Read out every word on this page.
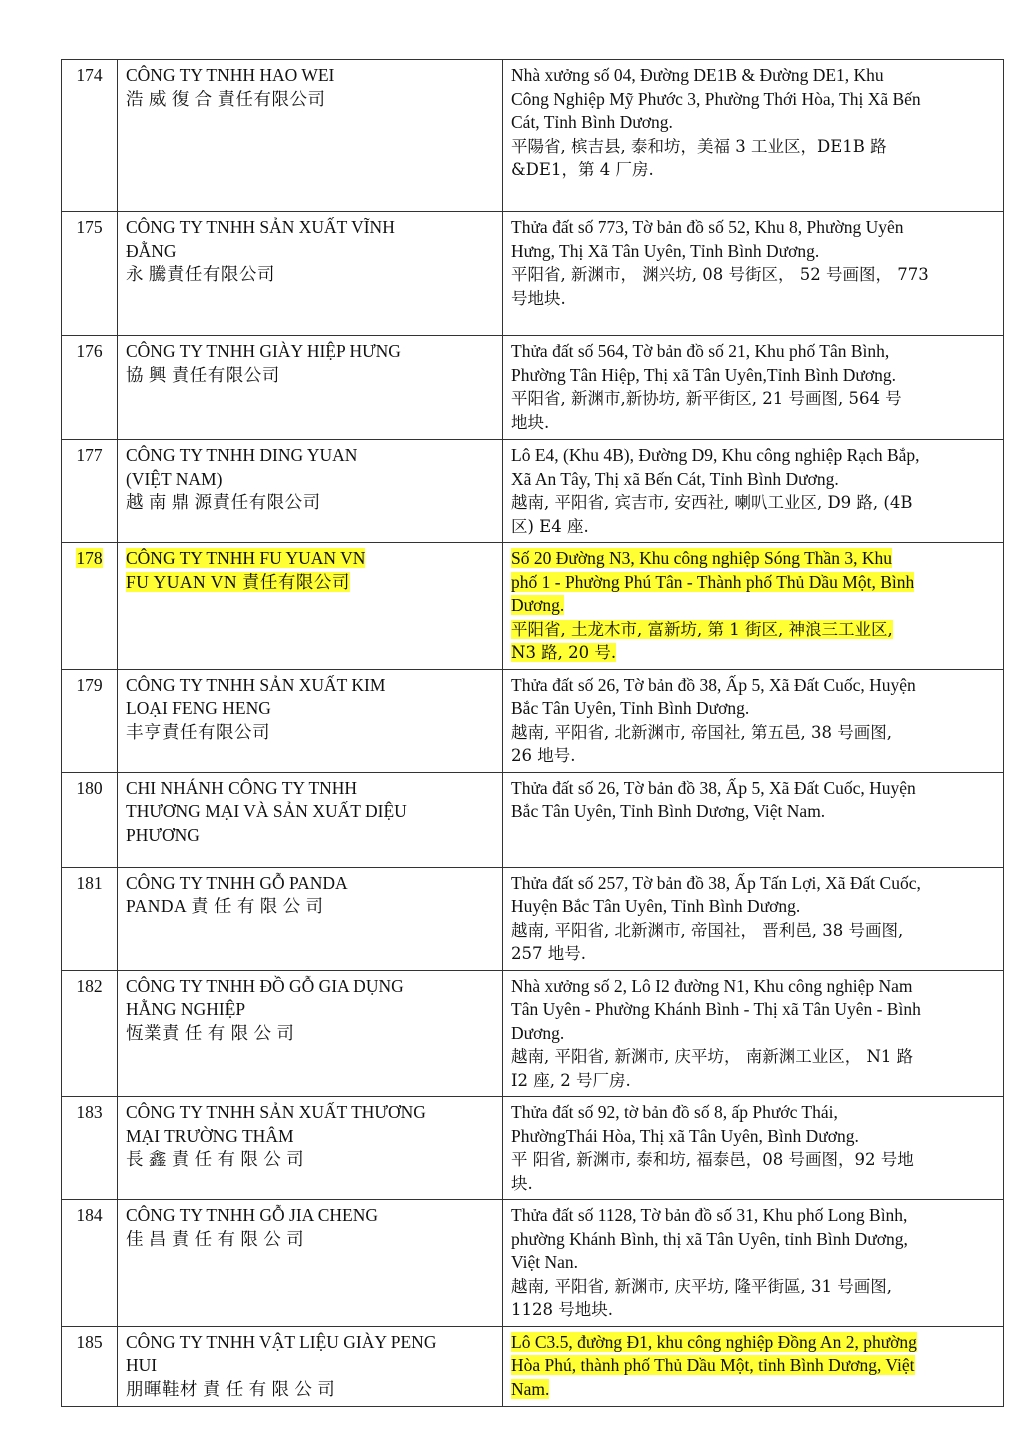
174	CÔNG TY TNHH HAO WEI
浩 威 復 合 責任有限公司	Nhà xưởng số 04, Đường DE1B & Đường DE1, Khu
Công Nghiệp Mỹ Phước 3, Phường Thới Hòa, Thị Xã Bến
Cát, Tỉnh Bình Dương.
平陽省, 槟吉县, 泰和坊，美福 3 工业区，DE1B 路
&DE1，第 4 厂房.

175	CÔNG TY TNHH SẢN XUẤT VĨNH
ĐẰNG
永 騰責任有限公司	Thửa đất số 773, Tờ bản đồ số 52, Khu 8, Phường Uyên
Hưng, Thị Xã Tân Uyên, Tỉnh Bình Dương.
平阳省, 新渊市， 渊兴坊, 08 号街区， 52 号画图， 773
号地块.

176	CÔNG TY TNHH GIÀY HIỆP HƯNG
協 興 責任有限公司	Thửa đất số 564, Tờ bản đồ số 21, Khu phố Tân Bình,
Phường Tân Hiệp, Thị xã Tân Uyên,Tỉnh Bình Dương.
平阳省, 新渊市,新协坊, 新平街区, 21 号画图, 564 号
地块.

177	CÔNG TY TNHH DING YUAN
(VIỆT NAM)
越 南 鼎 源責任有限公司	Lô E4, (Khu 4B), Đường D9, Khu công nghiệp Rạch Bắp,
Xã An Tây, Thị xã Bến Cát, Tỉnh Bình Dương.
越南, 平阳省, 宾吉市, 安西社, 喇叭工业区, D9 路, (4B
区) E4 座.

178	CÔNG TY TNHH FU YUAN VN
FU YUAN VN 責任有限公司	Số 20 Đường N3, Khu công nghiệp Sóng Thần 3, Khu
phố 1 - Phường Phú Tân - Thành phố Thủ Dầu Một, Bình
Dương.
平阳省, 土龙木市, 富新坊, 第 1 街区, 神浪三工业区,
N3 路, 20 号.

179	CÔNG TY TNHH SẢN XUẤT KIM
LOẠI FENG HENG
丰亨責任有限公司	Thửa đất số 26, Tờ bản đồ 38, Ấp 5, Xã Đất Cuốc, Huyện
Bắc Tân Uyên, Tỉnh Bình Dương.
越南, 平阳省, 北新渊市, 帝国社, 第五邑, 38 号画图,
26 地号.

180	CHI NHÁNH CÔNG TY TNHH
THƯƠNG MẠI VÀ SẢN XUẤT DIỆU
PHƯƠNG	Thửa đất số 26, Tờ bản đồ 38, Ấp 5, Xã Đất Cuốc, Huyện
Bắc Tân Uyên, Tỉnh Bình Dương, Việt Nam.

181	CÔNG TY TNHH GỖ PANDA
PANDA 責 任 有 限 公 司	Thửa đất số 257, Tờ bản đồ 38, Ấp Tấn Lợi, Xã Đất Cuốc,
Huyện Bắc Tân Uyên, Tỉnh Bình Dương.
越南, 平阳省, 北新渊市, 帝国社， 晋利邑, 38 号画图,
257 地号.

182	CÔNG TY TNHH ĐỒ GỖ GIA DỤNG
HẰNG NGHIỆP
恆業責 任 有 限 公 司	Nhà xưởng số 2, Lô I2 đường N1, Khu công nghiệp Nam
Tân Uyên - Phường Khánh Bình - Thị xã Tân Uyên - Bình
Dương.
越南, 平阳省, 新渊市, 庆平坊， 南新渊工业区， N1 路
I2 座, 2 号厂房.

183	CÔNG TY TNHH SẢN XUẤT THƯƠNG
MẠI TRƯỜNG THÂM
長 鑫 責 任 有 限 公 司	Thửa đất số 92, tờ bản đồ số 8, ấp Phước Thái,
PhườngThái Hòa, Thị xã Tân Uyên, Bình Dương.
平 阳省, 新渊市, 泰和坊, 福泰邑，08 号画图，92 号地
块.

184	CÔNG TY TNHH GỖ JIA CHENG
佳 昌 責 任 有 限 公 司	Thửa đất số 1128, Tờ bản đồ số 31, Khu phố Long Bình,
phường Khánh Bình, thị xã Tân Uyên, tỉnh Bình Dương,
Việt Nan.
越南, 平阳省, 新渊市, 庆平坊, 隆平街區, 31 号画图,
1128 号地块.

185	CÔNG TY TNHH VẬT LIỆU GIÀY PENG
HUI
朋暉鞋材 責 任 有 限 公 司	Lô C3.5, đường Đ1, khu công nghiệp Đồng An 2, phường
Hòa Phú, thành phố Thủ Dầu Một, tỉnh Bình Dương, Việt
Nam.
